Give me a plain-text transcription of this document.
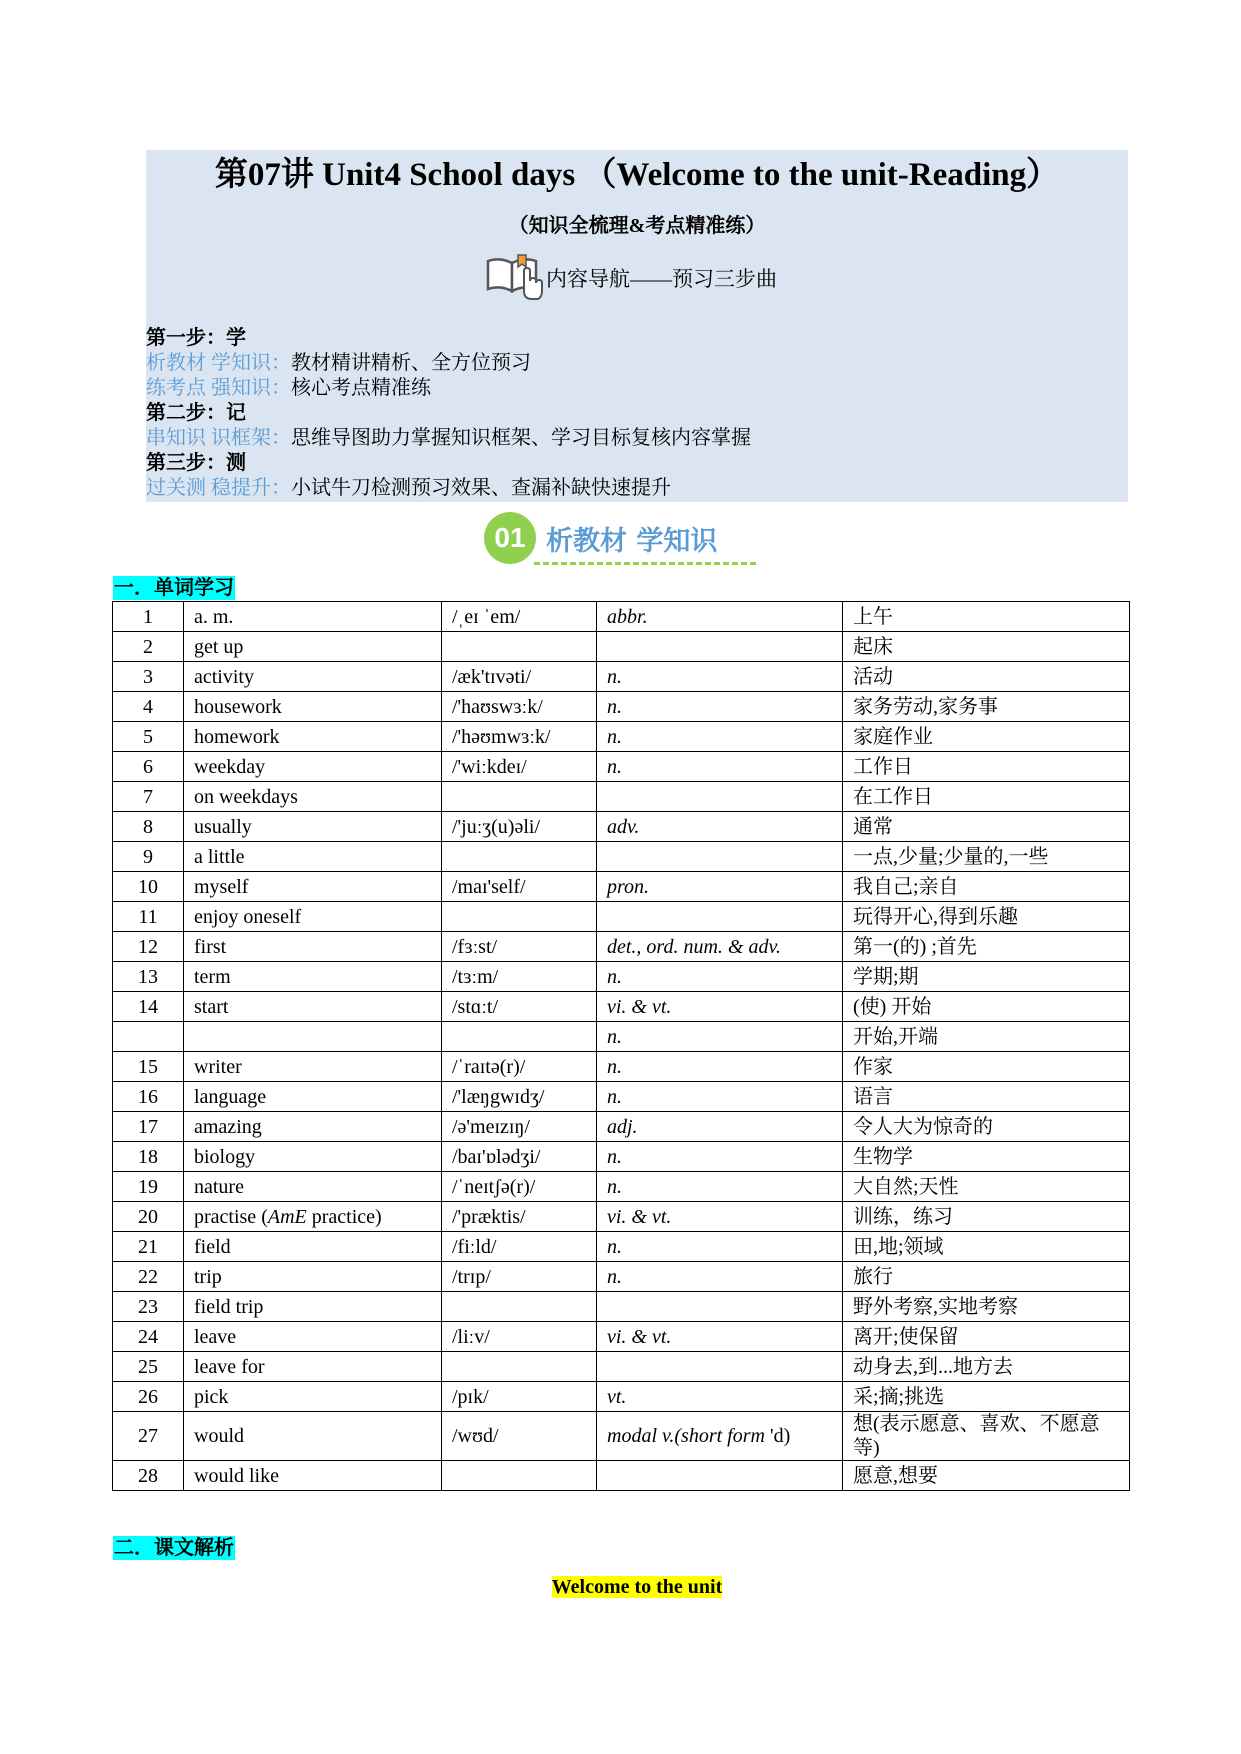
第07讲 Unit4 School days （Welcome to the unit-Reading）
（知识全梳理&考点精准练）
内容导航——预习三步曲
第一步：学
析教材 学知识：教材精讲精析、全方位预习
练考点 强知识：核心考点精准练
第二步：记
串知识 识框架：思维导图助力掌握知识框架、学习目标复核内容掌握
第三步：测
过关测 稳提升：小试牛刀检测预习效果、查漏补缺快速提升
01 析教材 学知识
一．单词学习
1	a. m.	/ˌeɪ ˈem/	abbr.	上午
2	get up			起床
3	activity	/æk'tɪvəti/	n.	活动
4	housework	/'haʊswɜːk/	n.	家务劳动,家务事
5	homework	/'həʊmwɜːk/	n.	家庭作业
6	weekday	/'wiːkdeɪ/	n.	工作日
7	on weekdays			在工作日
8	usually	/'juːʒ(u)əli/	adv.	通常
9	a little			一点,少量;少量的,一些
10	myself	/maɪ'self/	pron.	我自己;亲自
11	enjoy oneself			玩得开心,得到乐趣
12	first	/fɜːst/	det., ord. num. & adv.	第一(的) ;首先
13	term	/tɜːm/	n.	学期;期
14	start	/stɑːt/	vi. & vt.	(使) 开始
			n.	开始,开端
15	writer	/ˈraɪtə(r)/	n.	作家
16	language	/'læŋgwɪdʒ/	n.	语言
17	amazing	/ə'meɪzɪŋ/	adj.	令人大为惊奇的
18	biology	/baɪ'ɒlədʒi/	n.	生物学
19	nature	/ˈneɪtʃə(r)/	n.	大自然;天性
20	practise (AmE practice)	/'præktis/	vi. & vt.	训练，练习
21	field	/fiːld/	n.	田,地;领域
22	trip	/trɪp/	n.	旅行
23	field trip			野外考察,实地考察
24	leave	/liːv/	vi. & vt.	离开;使保留
25	leave for			动身去,到...地方去
26	pick	/pɪk/	vt.	采;摘;挑选
27	would	/wʊd/	modal v.(short form 'd)	想(表示愿意、喜欢、不愿意等)
28	would like			愿意,想要
二．课文解析
Welcome to the unit
